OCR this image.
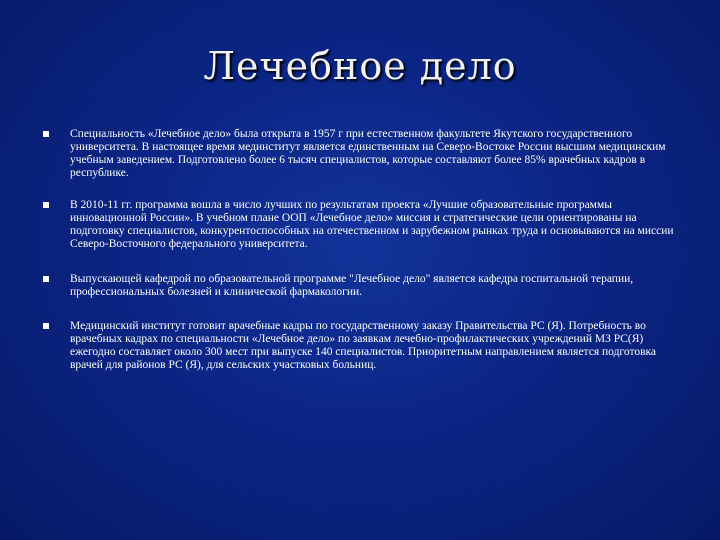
Лечебное дело
Специальность «Лечебное дело» была открыта в 1957 г при естественном факультете Якутского государственного университета. В настоящее время мединститут является единственным на Северо-Востоке России высшим медицинским учебным заведением. Подготовлено более 6 тысяч специалистов, которые составляют более 85% врачебных кадров в республике.
В 2010-11 гг. программа вошла в число лучших по результатам проекта «Лучшие образовательные программы инновационной России». В учебном плане ООП «Лечебное дело» миссия и стратегические цели ориентированы на подготовку специалистов, конкурентоспособных на отечественном и зарубежном рынках труда и основываются на миссии Северо-Восточного федерального университета.
Выпускающей кафедрой по образовательной программе "Лечебное дело" является кафедра госпитальной терапии, профессиональных болезней и клинической фармакологии.
Медицинский институт готовит врачебные кадры по государственному заказу Правительства РС (Я). Потребность во врачебных кадрах по специальности «Лечебное дело» по заявкам лечебно-профилактических учреждений МЗ РС(Я) ежегодно составляет около 300 мест при выпуске 140 специалистов. Приоритетным направлением является подготовка врачей для районов РС (Я), для сельских участковых больниц.
